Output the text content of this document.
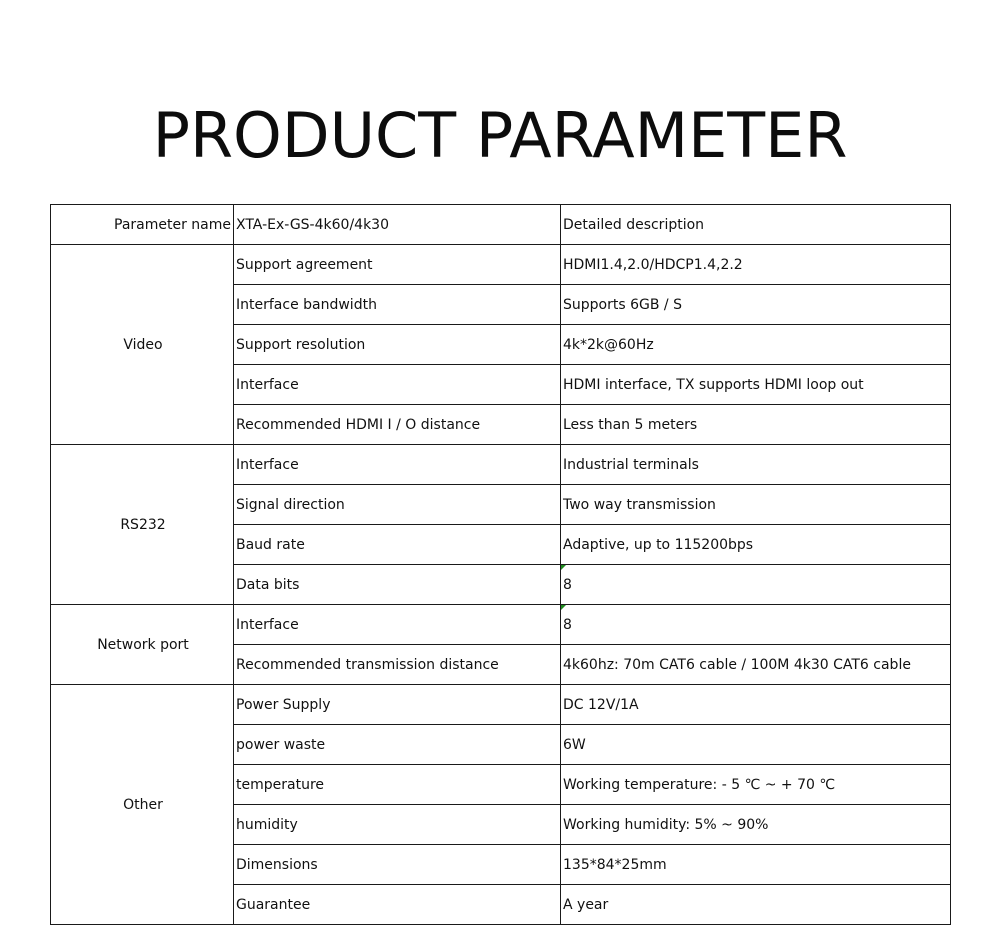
PRODUCT PARAMETER
Parameter name	XTA-Ex-GS-4k60/4k30	Detailed description
Video	Support agreement	HDMI1.4,2.0/HDCP1.4,2.2
	Interface bandwidth	Supports 6GB / S
	Support resolution	4k*2k@60Hz
	Interface	HDMI interface, TX supports HDMI loop out
	Recommended HDMI I / O distance	Less than 5 meters
RS232	Interface	Industrial terminals
	Signal direction	Two way transmission
	Baud rate	Adaptive, up to 115200bps
	Data bits	8
Network port	Interface	8
	Recommended transmission distance	4k60hz: 70m CAT6 cable / 100M 4k30 CAT6 cable
Other	Power Supply	DC 12V/1A
	power waste	6W
	temperature	Working temperature: - 5 ℃ ~ + 70 ℃
	humidity	Working humidity: 5% ~ 90%
	Dimensions	135*84*25mm
	Guarantee	A year
